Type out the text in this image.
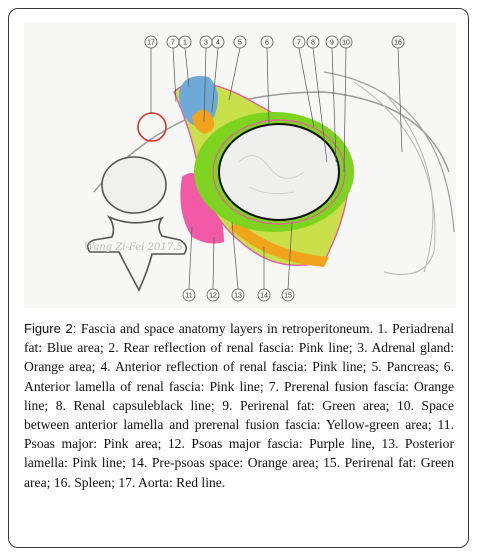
17 7 1 3 4	5	6	7 8 9 10	16
11 12 13	14 15
Wang Zi-Fei 2017.5
Figure 2: Fascia and space anatomy layers in retroperitoneum. 1. Periadrenal fat: Blue area; 2. Rear reflection of renal fascia: Pink line; 3. Adrenal gland: Orange area; 4. Anterior reflection of renal fascia: Pink line; 5. Pancreas; 6. Anterior lamella of renal fascia: Pink line; 7. Prerenal fusion fascia: Orange line; 8. Renal capsuleblack line; 9. Perirenal fat: Green area; 10. Space between anterior lamella and prerenal fusion fascia: Yellow-green area; 11. Psoas major: Pink area; 12. Psoas major fascia: Purple line, 13. Posterior lamella: Pink line; 14. Pre-psoas space: Orange area; 15. Perirenal fat: Green area; 16. Spleen; 17. Aorta: Red line.
